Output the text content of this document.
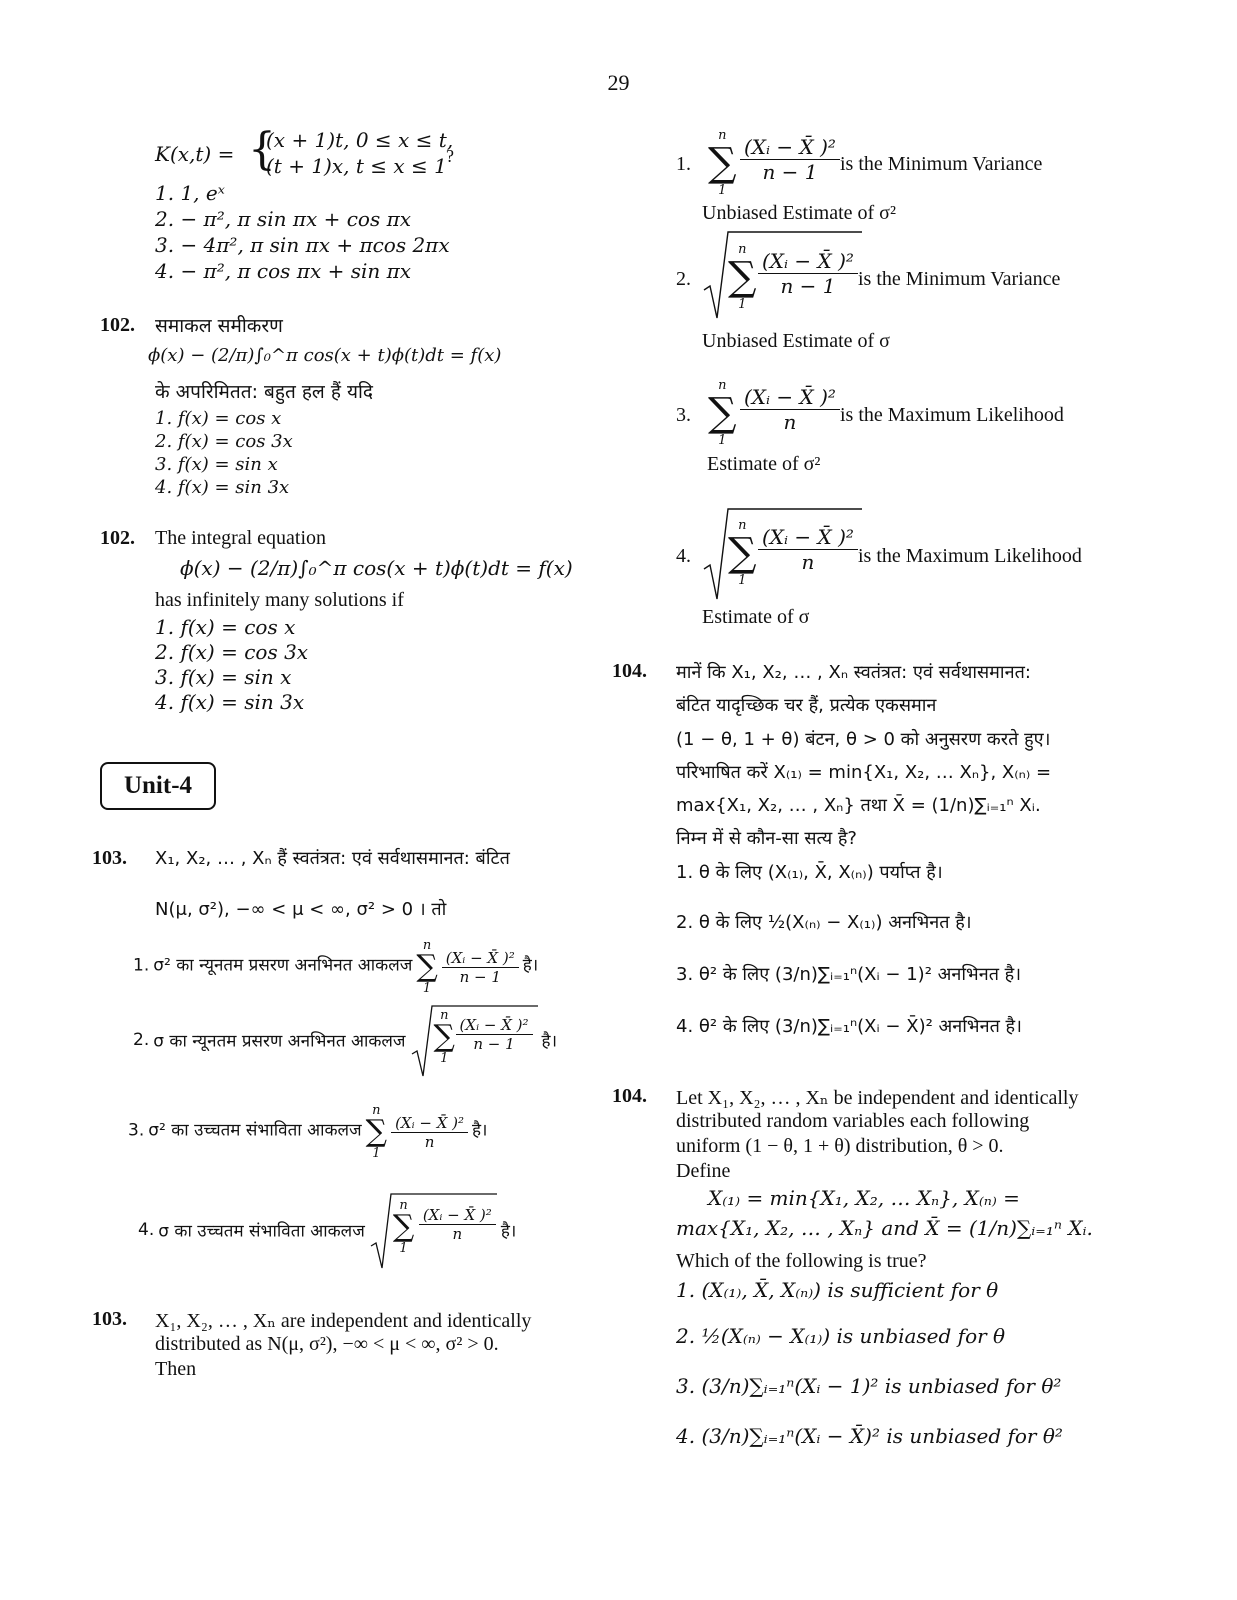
29
K(x,t) = {
(x + 1)t, 0 ≤ x ≤ t,
(t + 1)x, t ≤ x ≤ 1 ?
1. 1, eˣ
2. − π², π sin πx + cos πx
3. − 4π², π sin πx + πcos 2πx
4. − π², π cos πx + sin πx
102. समाकल समीकरण
ϕ(x) − (2/π)∫₀^π cos(x + t)ϕ(t)dt = f(x)
के अपरिमितत: बहुत हल हैं यदि
1. f(x) = cos x
2. f(x) = cos 3x
3. f(x) = sin x
4. f(x) = sin 3x
102. The integral equation
ϕ(x) − (2/π)∫₀^π cos(x + t)ϕ(t)dt = f(x)
has infinitely many solutions if
1. f(x) = cos x
2. f(x) = cos 3x
3. f(x) = sin x
4. f(x) = sin 3x
Unit-4
103. X₁, X₂, … , Xₙ हैं स्वतंत्रत: एवं सर्वथासमानत: बंटित
N(μ, σ²), −∞ < μ < ∞, σ² > 0 । तो
1. σ² का न्यूनतम प्रसरण अनभिनत आकलज
n
∑
1

$\frac{\text{(Xᵢ − X̄ )²}}{n - 1}$ है।
2. σ का न्यूनतम प्रसरण अनभिनत आकलज
n
∑
1
$\frac{\text{(Xᵢ − X̄ )²}}{n - 1}$ है।
3. σ² का उच्चतम संभाविता आकलज
n
∑
1

$\frac{\text{(Xᵢ − X̄ )²}}{n}$ है।
4. σ का उच्चतम संभाविता आकलज
n
∑
1
$\frac{\text{(Xᵢ − X̄ )²}}{n}$ है।
103. X₁, X₂, … , Xₙ are independent and identically
distributed as N(μ, σ²), −∞ < μ < ∞, σ² > 0.
Then
1.
n
∑
1
$\frac{\text{(Xᵢ − X̄ )²}}{n - 1}$ is the Minimum Variance
Unbiased Estimate of σ²
2.
n
∑
1
$\frac{\text{(Xᵢ − X̄ )²}}{n - 1}$ is the Minimum Variance
Unbiased Estimate of σ
3.
n
∑
1
$\frac{\text{(Xᵢ − X̄ )²}}{n}$ is the Maximum Likelihood
Estimate of σ²
4.
n
∑
1
$\frac{\text{(Xᵢ − X̄ )²}}{n}$ is the Maximum Likelihood
Estimate of σ
104. मानें कि X₁, X₂, … , Xₙ स्वतंत्रत: एवं सर्वथासमानत:
बंटित यादृच्छिक चर हैं, प्रत्येक एकसमान
(1 − θ, 1 + θ) बंटन, θ > 0 को अनुसरण करते हुए।
परिभाषित करें X₍₁₎ = min{X₁, X₂, … Xₙ}, X₍ₙ₎ =
max{X₁, X₂, … , Xₙ} तथा X̄ = (1/n)∑ᵢ₌₁ⁿ Xᵢ.
निम्न में से कौन-सा सत्य है?
1. θ के लिए (X₍₁₎, X̄, X₍ₙ₎) पर्याप्त है।
2. θ के लिए ½(X₍ₙ₎ − X₍₁₎) अनभिनत है।
3. θ² के लिए (3/n)∑ᵢ₌₁ⁿ(Xᵢ − 1)² अनभिनत है।
4. θ² के लिए (3/n)∑ᵢ₌₁ⁿ(Xᵢ − X̄)² अनभिनत है।
104. Let X₁, X₂, … , Xₙ be independent and identically
distributed random variables each following
uniform (1 − θ, 1 + θ) distribution, θ > 0.
Define
X₍₁₎ = min{X₁, X₂, … Xₙ}, X₍ₙ₎ =
max{X₁, X₂, … , Xₙ} and X̄ = (1/n)∑ᵢ₌₁ⁿ Xᵢ.
Which of the following is true?
1. (X₍₁₎, X̄, X₍ₙ₎) is sufficient for θ
2. ½(X₍ₙ₎ − X₍₁₎) is unbiased for θ
3. (3/n)∑ᵢ₌₁ⁿ(Xᵢ − 1)² is unbiased for θ²
4. (3/n)∑ᵢ₌₁ⁿ(Xᵢ − X̄)² is unbiased for θ²
